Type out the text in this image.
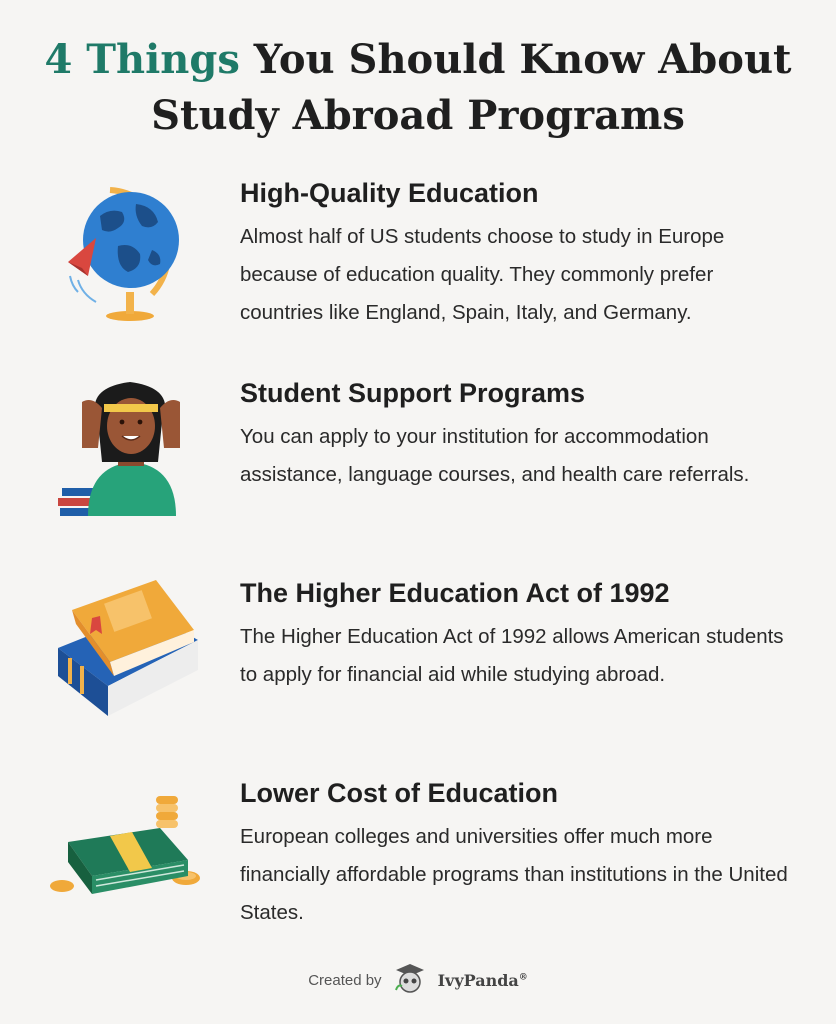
4 Things You Should Know About
Study Abroad Programs
High-Quality Education

Almost half of US students choose to study in Europe because of education quality. They commonly prefer countries like England, Spain, Italy, and Germany.

Student Support Programs

You can apply to your institution for accommodation assistance, language courses, and health care referrals.

The Higher Education Act of 1992

The Higher Education Act of 1992 allows American students to apply for financial aid while studying abroad.

Lower Cost of Education

European colleges and universities offer much more financially affordable programs than institutions in the United States.

Created by	IvyPanda®
